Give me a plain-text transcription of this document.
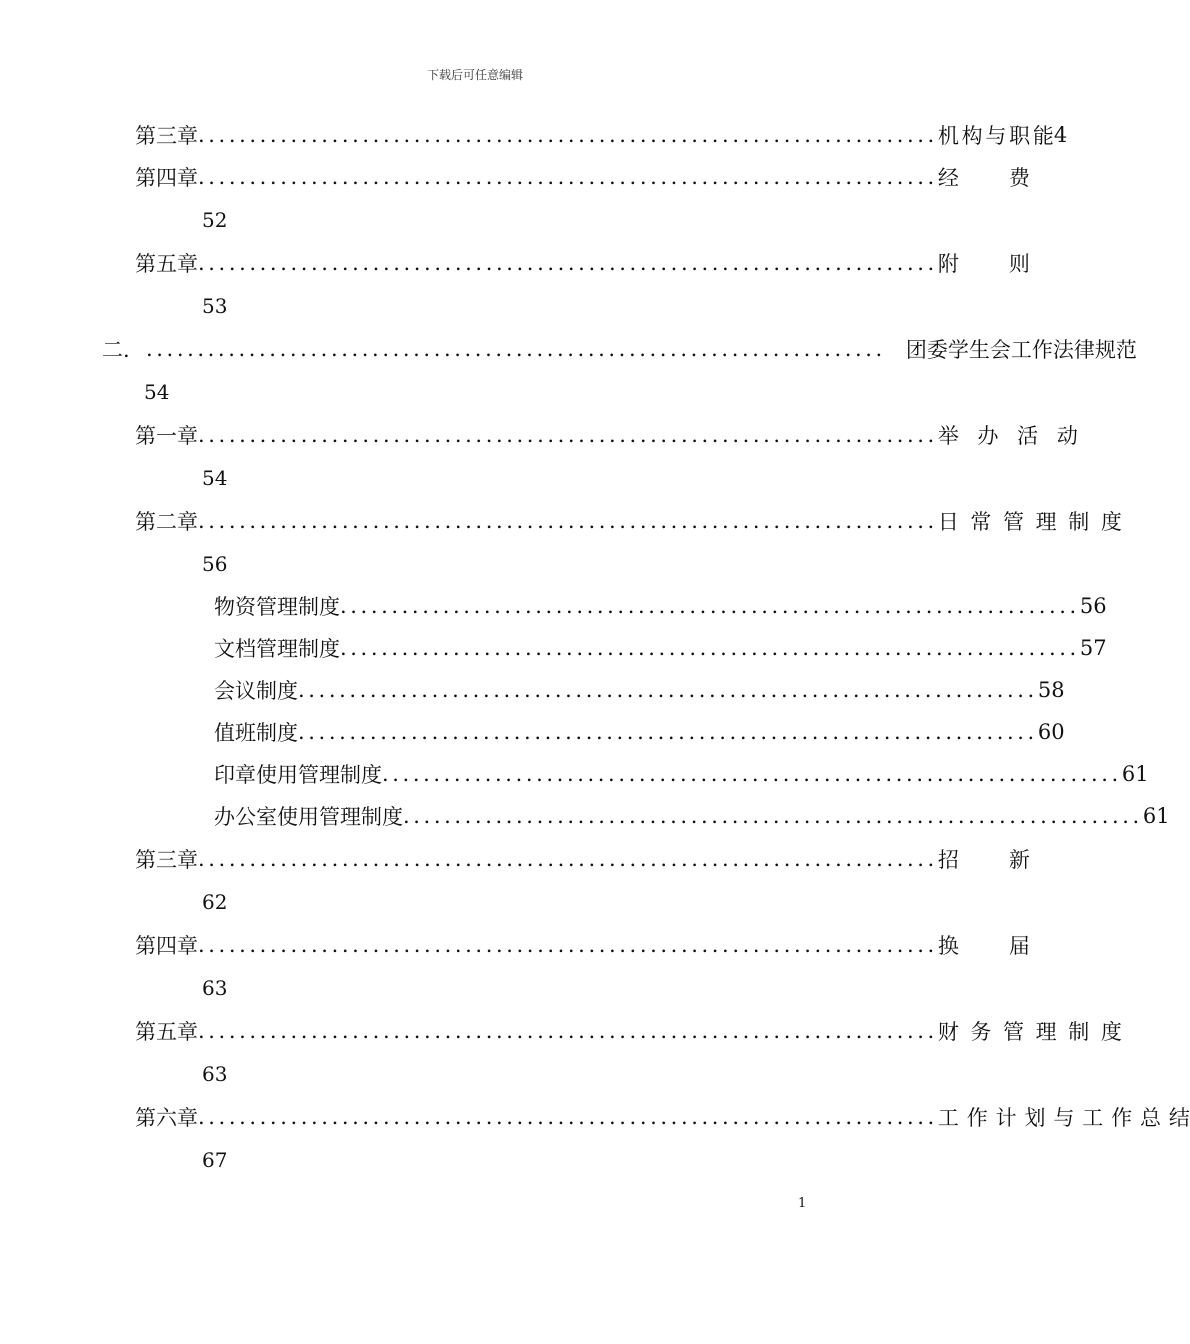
下载后可任意编辑
第三章 ........................................................................ 机构与职能 4
第四章 ........................................................................ 经费
52
第五章 ........................................................................ 附则
53
二. ........................................................................ 团委学生会工作法律规范
54
第一章 ........................................................................ 举办活动
54
第二章 ........................................................................ 日常管理制度
56
物资管理制度 ........................................................................ 56
文档管理制度 ........................................................................ 57
会议制度 ........................................................................ 58
值班制度 ........................................................................ 60
印章使用管理制度 ........................................................................ 61
办公室使用管理制度 ........................................................................ 61
第三章 ........................................................................ 招新
62
第四章 ........................................................................ 换届
63
第五章 ........................................................................ 财务管理制度
63
第六章 ........................................................................ 工作计划与工作总结
67
1
